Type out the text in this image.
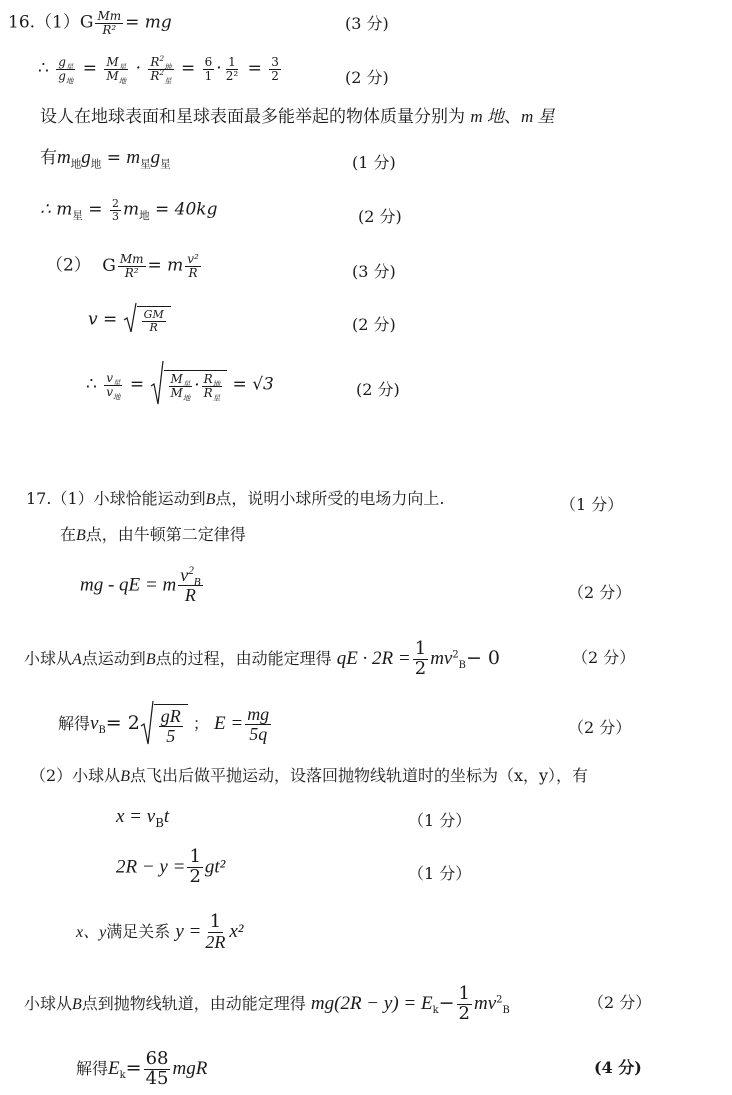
$16.(1)G \frac{Mm}{\text{R²}}$ = mg	(3 分)
∴ $\frac{g_星}{g_地} = \frac{M_星}{M_地} \cdot \frac{R^2_地}{R^2_星} = \frac{6}{1} \cdot \frac{1}{\text{2²}} = \frac{3}{2}$	(2 分)
设人在地球表面和星球表面最多能举起的物体质量分别为 m 地、m 星
有$m_地g_地 = m_星g_星$	(1 分)
∴ $m_星 = \frac{2}{3} m_地 = 40kg$	(2 分)
（2） G $\frac{Mm}{\text{R²}} = m \frac{\text{v²}}{R}$	(3 分)
$v = \frac{GM}{R}$	(2 分)
∴ $\frac{v_星}{v_地} = \frac{M_星}{M_地} \cdot \frac{R_地}{R_星} = √3$	(2 分)
17.（1）小球恰能运动到B点，说明小球所受的电场力向上.	（1 分）
在B点，由牛顿第二定律得
mg - qE = m $\frac{v^2_B}{R}$	（2 分）
小球从A点运动到B点的过程，由动能定理得 qE · $2R = \frac{1}{2} mv^2_B- 0$	（2 分）
解得$v_B= 2 \frac{gR}{5}$ ； $E = \frac{mg}{5q}$	（2 分）
（2）小球从B点飞出后做平抛运动，设落回抛物线轨道时的坐标为（x，y），有
$x = v_Bt$	（1 分）
$2R - y = \frac{1}{2} gt^2$	（1 分）
x、y满足关系 $y = \frac{1}{2R} x^2$
小球从B点到抛物线轨道，由动能定理得 $mg(2R - y) = E_k- \frac{1}{2} mv^2_B$	（2 分）
解得$E_k= \frac{68}{45}$ mgR	(4 分)
